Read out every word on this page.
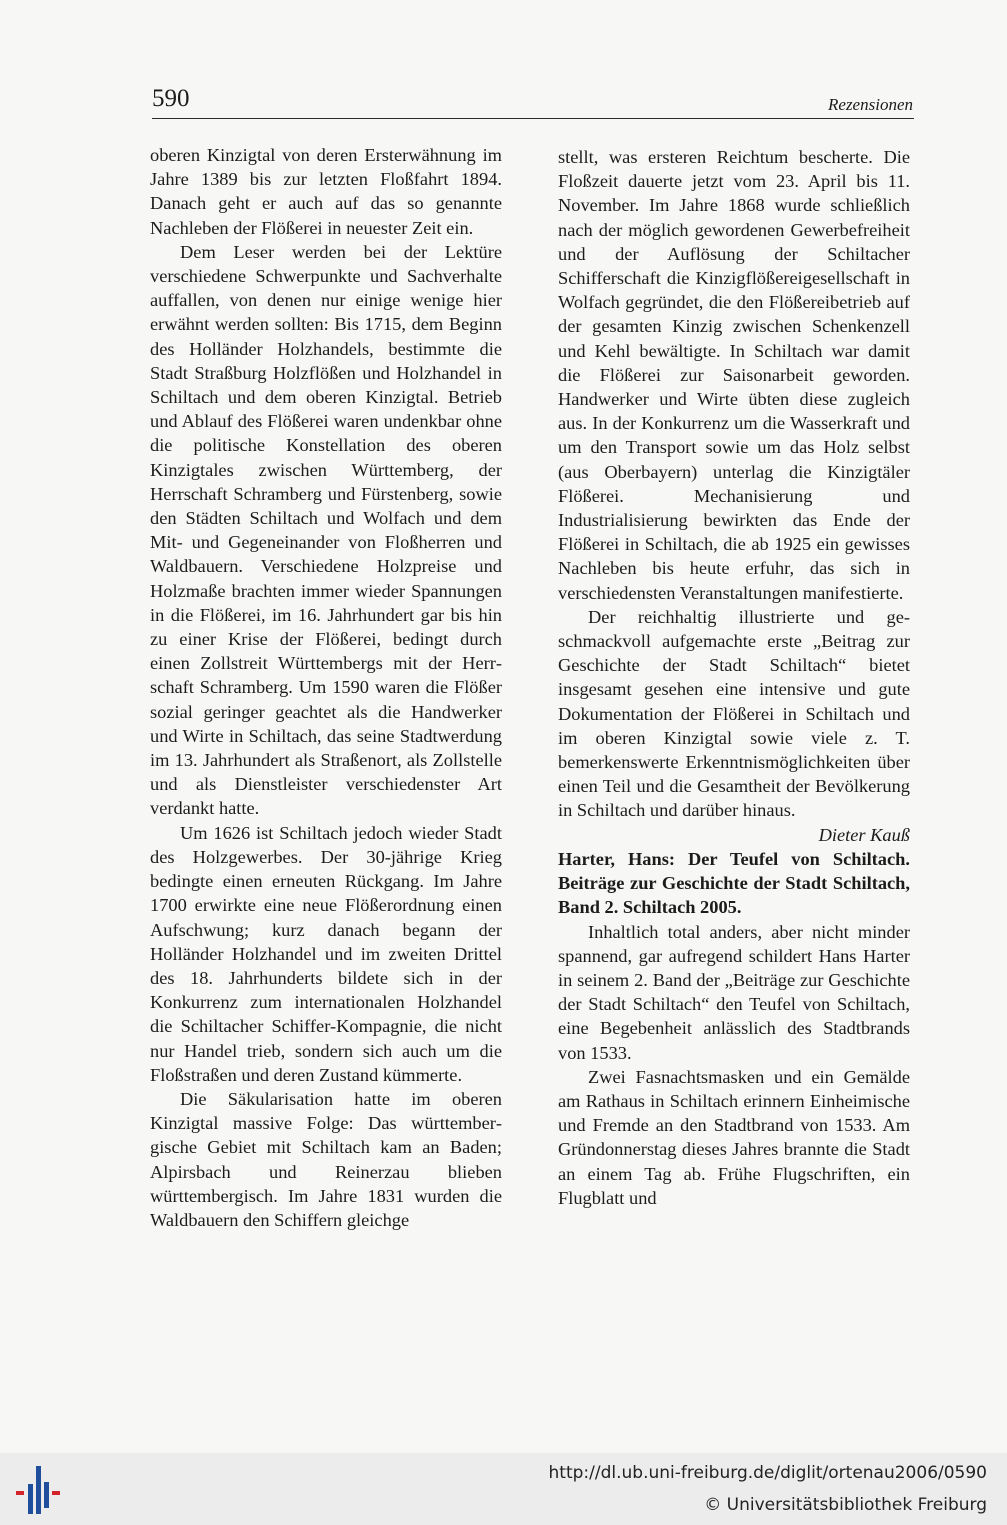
590	Rezensionen

oberen Kinzigtal von deren Ersterwähnung im Jahre 1389 bis zur letzten Floßfahrt 1894. Danach geht er auch auf das so genannte Nachleben der Flößerei in neuester Zeit ein.

Dem Leser werden bei der Lektüre verschiedene Schwerpunkte und Sachverhalte auffallen, von denen nur einige wenige hier erwähnt werden sollten: Bis 1715, dem Beginn des Holländer Holzhandels, bestimmte die Stadt Straßburg Holzflößen und Holzhandel in Schiltach und dem oberen Kinzigtal. Betrieb und Ablauf des Flößerei waren undenkbar ohne die politische Konstellation des oberen Kinzigtales zwischen Württemberg, der Herrschaft Schramberg und Fürstenberg, sowie den Städten Schiltach und Wolfach und dem Mit- und Gegeneinander von Floßherren und Waldbauern. Verschiedene Holzpreise und Holzmaße brachten immer wieder Spannungen in die Flößerei, im 16. Jahrhundert gar bis hin zu einer Krise der Flößerei, bedingt durch einen Zollstreit Württembergs mit der Herrschaft Schramberg. Um 1590 waren die Flößer sozial geringer geachtet als die Handwerker und Wirte in Schiltach, das seine Stadtwerdung im 13. Jahrhundert als Straßenort, als Zollstelle und als Dienstleister verschiedenster Art verdankt hatte.

Um 1626 ist Schiltach jedoch wieder Stadt des Holzgewerbes. Der 30-jährige Krieg bedingte einen erneuten Rückgang. Im Jahre 1700 erwirkte eine neue Flößerordnung einen Aufschwung; kurz danach begann der Holländer Holzhandel und im zweiten Drittel des 18. Jahrhunderts bildete sich in der Konkurrenz zum internationalen Holzhandel die Schiltacher Schiffer-Kompagnie, die nicht nur Handel trieb, sondern sich auch um die Floßstraßen und deren Zustand kümmerte.

Die Säkularisation hatte im oberen Kinzigtal massive Folge: Das württembergische Gebiet mit Schiltach kam an Baden; Alpirsbach und Reinerzau blieben württembergisch. Im Jahre 1831 wurden die Waldbauern den Schiffern gleichge

stellt, was ersteren Reichtum bescherte. Die Floßzeit dauerte jetzt vom 23. April bis 11. November. Im Jahre 1868 wurde schließlich nach der möglich gewordenen Gewerbefreiheit und der Auflösung der Schiltacher Schifferschaft die Kinzigflößereigesellschaft in Wolfach gegründet, die den Flößereibetrieb auf der gesamten Kinzig zwischen Schenkenzell und Kehl bewältigte. In Schiltach war damit die Flößerei zur Saisonarbeit geworden. Handwerker und Wirte übten diese zugleich aus. In der Konkurrenz um die Wasserkraft und um den Transport sowie um das Holz selbst (aus Oberbayern) unterlag die Kinzigtäler Flößerei. Mechanisierung und Industrialisierung bewirkten das Ende der Flößerei in Schiltach, die ab 1925 ein gewisses Nachleben bis heute erfuhr, das sich in verschiedensten Veranstaltungen manifestierte.

Der reichhaltig illustrierte und geschmackvoll aufgemachte erste „Beitrag zur Geschichte der Stadt Schiltach“ bietet insgesamt gesehen eine intensive und gute Dokumentation der Flößerei in Schiltach und im oberen Kinzigtal sowie viele z. T. bemerkenswerte Erkenntnismöglichkeiten über einen Teil und die Gesamtheit der Bevölkerung in Schiltach und darüber hinaus.

Dieter Kauß

Harter, Hans: Der Teufel von Schiltach. Beiträge zur Geschichte der Stadt Schiltach, Band 2. Schiltach 2005.

Inhaltlich total anders, aber nicht minder spannend, gar aufregend schildert Hans Harter in seinem 2. Band der „Beiträge zur Geschichte der Stadt Schiltach“ den Teufel von Schiltach, eine Begebenheit anlässlich des Stadtbrands von 1533.

Zwei Fasnachtsmasken und ein Gemälde am Rathaus in Schiltach erinnern Einheimische und Fremde an den Stadtbrand von 1533. Am Gründonnerstag dieses Jahres brannte die Stadt an einem Tag ab. Frühe Flugschriften, ein Flugblatt und

http://dl.ub.uni-freiburg.de/diglit/ortenau2006/0590
© Universitätsbibliothek Freiburg
